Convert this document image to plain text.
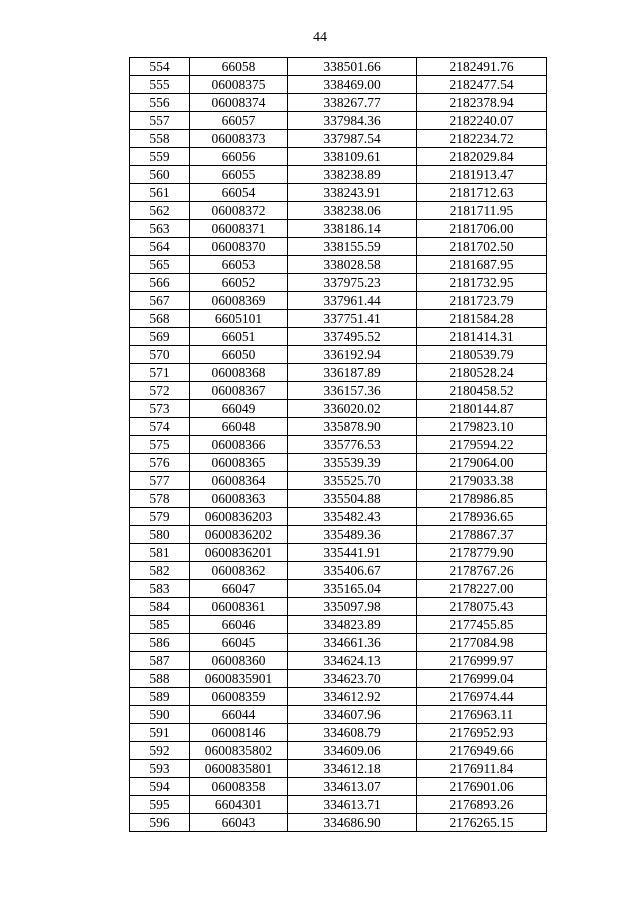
44
554	66058	338501.66	2182491.76
555	06008375	338469.00	2182477.54
556	06008374	338267.77	2182378.94
557	66057	337984.36	2182240.07
558	06008373	337987.54	2182234.72
559	66056	338109.61	2182029.84
560	66055	338238.89	2181913.47
561	66054	338243.91	2181712.63
562	06008372	338238.06	2181711.95
563	06008371	338186.14	2181706.00
564	06008370	338155.59	2181702.50
565	66053	338028.58	2181687.95
566	66052	337975.23	2181732.95
567	06008369	337961.44	2181723.79
568	6605101	337751.41	2181584.28
569	66051	337495.52	2181414.31
570	66050	336192.94	2180539.79
571	06008368	336187.89	2180528.24
572	06008367	336157.36	2180458.52
573	66049	336020.02	2180144.87
574	66048	335878.90	2179823.10
575	06008366	335776.53	2179594.22
576	06008365	335539.39	2179064.00
577	06008364	335525.70	2179033.38
578	06008363	335504.88	2178986.85
579	0600836203	335482.43	2178936.65
580	0600836202	335489.36	2178867.37
581	0600836201	335441.91	2178779.90
582	06008362	335406.67	2178767.26
583	66047	335165.04	2178227.00
584	06008361	335097.98	2178075.43
585	66046	334823.89	2177455.85
586	66045	334661.36	2177084.98
587	06008360	334624.13	2176999.97
588	0600835901	334623.70	2176999.04
589	06008359	334612.92	2176974.44
590	66044	334607.96	2176963.11
591	06008146	334608.79	2176952.93
592	0600835802	334609.06	2176949.66
593	0600835801	334612.18	2176911.84
594	06008358	334613.07	2176901.06
595	6604301	334613.71	2176893.26
596	66043	334686.90	2176265.15
